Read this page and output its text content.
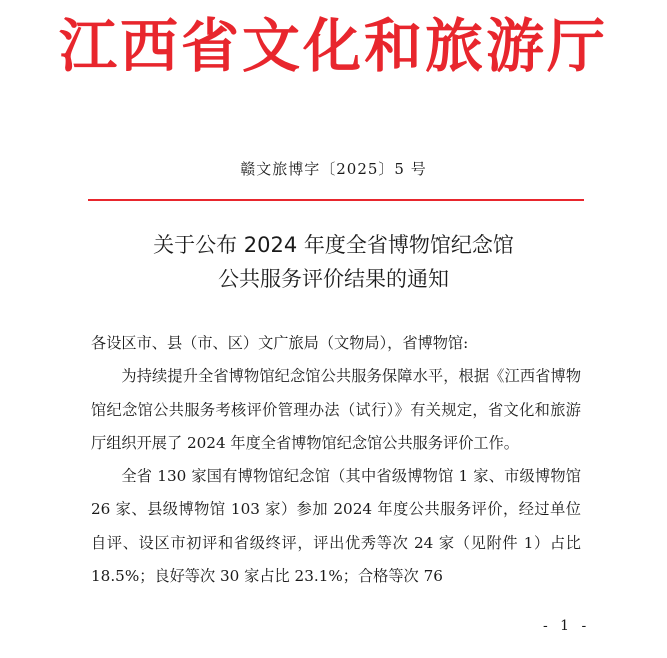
江西省文化和旅游厅
赣文旅博字〔2025〕5 号
关于公布 2024 年度全省博物馆纪念馆
公共服务评价结果的通知

各设区市、县（市、区）文广旅局（文物局），省博物馆:

为持续提升全省博物馆纪念馆公共服务保障水平，根据《江西省博物馆纪念馆公共服务考核评价管理办法（试行）》有关规定，省文化和旅游厅组织开展了 2024 年度全省博物馆纪念馆公共服务评价工作。

全省 130 家国有博物馆纪念馆（其中省级博物馆 1 家、市级博物馆 26 家、县级博物馆 103 家）参加 2024 年度公共服务评价，经过单位自评、设区市初评和省级终评，评出优秀等次 24 家（见附件 1）占比 18.5%；良好等次 30 家占比 23.1%；合格等次 76

- 1 -
